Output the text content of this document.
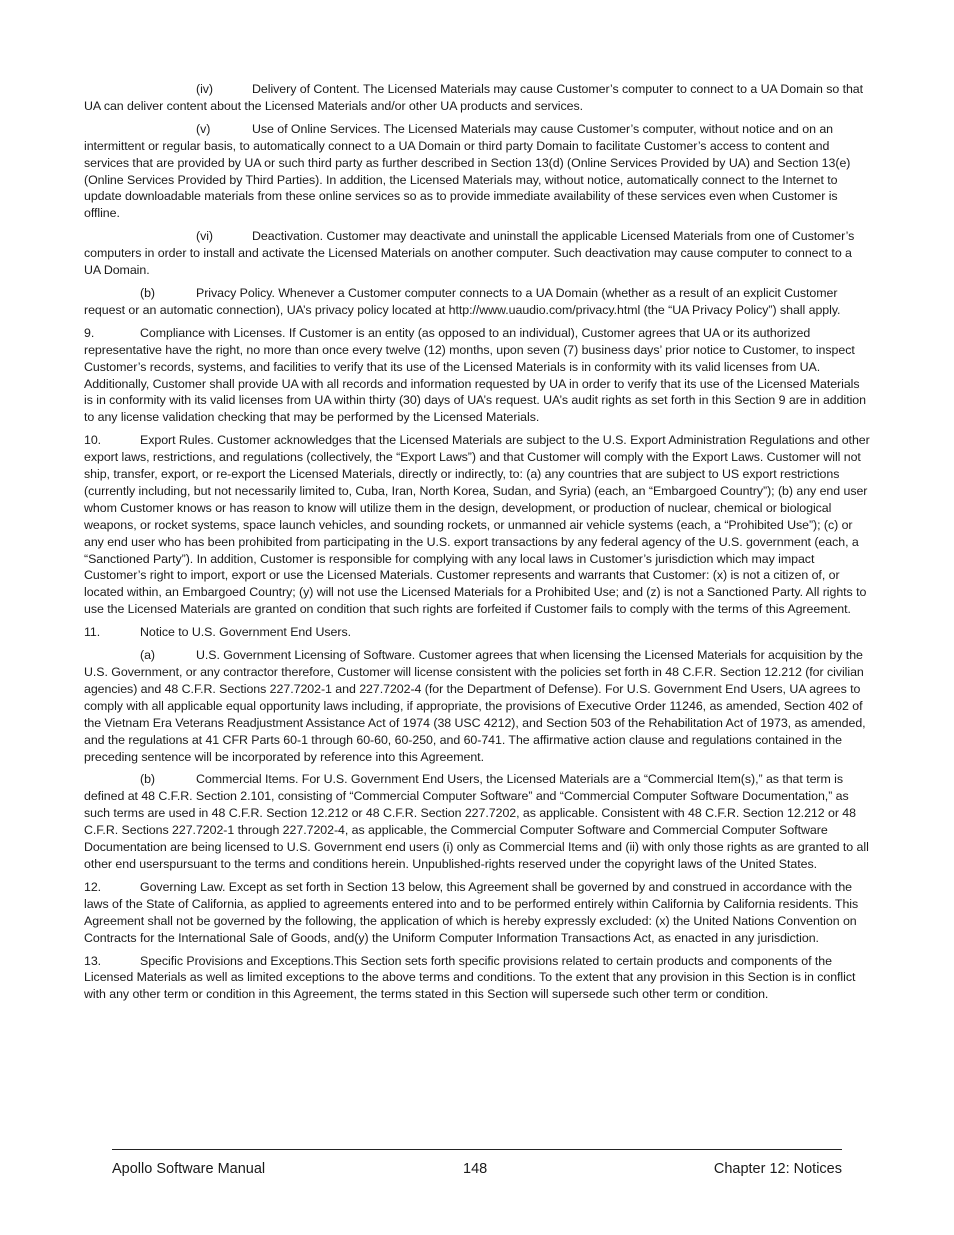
(iv)	Delivery of Content. The Licensed Materials may cause Customer’s computer to connect to a UA Domain so that UA can deliver content about the Licensed Materials and/or other UA products and services.

(v)	Use of Online Services. The Licensed Materials may cause Customer’s computer, without notice and on an intermittent or regular basis, to automatically connect to a UA Domain or third party Domain to facilitate Customer’s access to content and services that are provided by UA or such third party as further described in Section 13(d) (Online Services Provided by UA) and Section 13(e) (Online Services Provided by Third Parties). In addition, the Licensed Materials may, without notice, automatically connect to the Internet to update downloadable materials from these online services so as to provide immediate availability of these services even when Customer is offline.

(vi)	Deactivation. Customer may deactivate and uninstall the applicable Licensed Materials from one of Customer’s computers in order to install and activate the Licensed Materials on another computer. Such deactivation may cause computer to connect to a UA Domain.

(b)	Privacy Policy. Whenever a Customer computer connects to a UA Domain (whether as a result of an explicit Customer request or an automatic connection), UA’s privacy policy located at http://www.uaudio.com/privacy.html (the “UA Privacy Policy”) shall apply.

9.	Compliance with Licenses. If Customer is an entity (as opposed to an individual), Customer agrees that UA or its authorized representative have the right, no more than once every twelve (12) months, upon seven (7) business days’ prior notice to Customer, to inspect Customer’s records, systems, and facilities to verify that its use of the Licensed Materials is in conformity with its valid licenses from UA. Additionally, Customer shall provide UA with all records and information requested by UA in order to verify that its use of the Licensed Materials is in conformity with its valid licenses from UA within thirty (30) days of UA’s request. UA’s audit rights as set forth in this Section 9 are in addition to any license validation checking that may be performed by the Licensed Materials.

10.	Export Rules. Customer acknowledges that the Licensed Materials are subject to the U.S. Export Administration Regulations and other export laws, restrictions, and regulations (collectively, the “Export Laws”) and that Customer will comply with the Export Laws. Customer will not ship, transfer, export, or re-export the Licensed Materials, directly or indirectly, to: (a) any countries that are subject to US export restrictions (currently including, but not necessarily limited to, Cuba, Iran, North Korea, Sudan, and Syria) (each, an “Embargoed Country”); (b) any end user whom Customer knows or has reason to know will utilize them in the design, development, or production of nuclear, chemical or biological weapons, or rocket systems, space launch vehicles, and sounding rockets, or unmanned air vehicle systems (each, a “Prohibited Use”); (c) or any end user who has been prohibited from participating in the U.S. export transactions by any federal agency of the U.S. government (each, a “Sanctioned Party”). In addition, Customer is responsible for complying with any local laws in Customer’s jurisdiction which may impact Customer’s right to import, export or use the Licensed Materials. Customer represents and warrants that Customer: (x) is not a citizen of, or located within, an Embargoed Country; (y) will not use the Licensed Materials for a Prohibited Use; and (z) is not a Sanctioned Party. All rights to use the Licensed Materials are granted on condition that such rights are forfeited if Customer fails to comply with the terms of this Agreement.

11.	Notice to U.S. Government End Users.

(a)	U.S. Government Licensing of Software. Customer agrees that when licensing the Licensed Materials for acquisition by the U.S. Government, or any contractor therefore, Customer will license consistent with the policies set forth in 48 C.F.R. Section 12.212 (for civilian agencies) and 48 C.F.R. Sections 227.7202-1 and 227.7202-4 (for the Department of Defense). For U.S. Government End Users, UA agrees to comply with all applicable equal opportunity laws including, if appropriate, the provisions of Executive Order 11246, as amended, Section 402 of the Vietnam Era Veterans Readjustment Assistance Act of 1974 (38 USC 4212), and Section 503 of the Rehabilitation Act of 1973, as amended, and the regulations at 41 CFR Parts 60-1 through 60-60, 60-250, and 60-741. The affirmative action clause and regulations contained in the preceding sentence will be incorporated by reference into this Agreement.

(b)	Commercial Items. For U.S. Government End Users, the Licensed Materials are a “Commercial Item(s),” as that term is defined at 48 C.F.R. Section 2.101, consisting of “Commercial Computer Software” and “Commercial Computer Software Documentation,” as such terms are used in 48 C.F.R. Section 12.212 or 48 C.F.R. Section 227.7202, as applicable. Consistent with 48 C.F.R. Section 12.212 or 48 C.F.R. Sections 227.7202-1 through 227.7202-4, as applicable, the Commercial Computer Software and Commercial Computer Software Documentation are being licensed to U.S. Government end users (i) only as Commercial Items and (ii) with only those rights as are granted to all other end userspursuant to the terms and conditions herein. Unpublished-rights reserved under the copyright laws of the United States.

12.	Governing Law. Except as set forth in Section 13 below, this Agreement shall be governed by and construed in accordance with the laws of the State of California, as applied to agreements entered into and to be performed entirely within California by California residents. This Agreement shall not be governed by the following, the application of which is hereby expressly excluded: (x) the United Nations Convention on Contracts for the International Sale of Goods, and(y) the Uniform Computer Information Transactions Act, as enacted in any jurisdiction.

13.	Specific Provisions and Exceptions.This Section sets forth specific provisions related to certain products and components of the Licensed Materials as well as limited exceptions to the above terms and conditions. To the extent that any provision in this Section is in conflict with any other term or condition in this Agreement, the terms stated in this Section will supersede such other term or condition.

Apollo Software Manual	148	Chapter 12: Notices
